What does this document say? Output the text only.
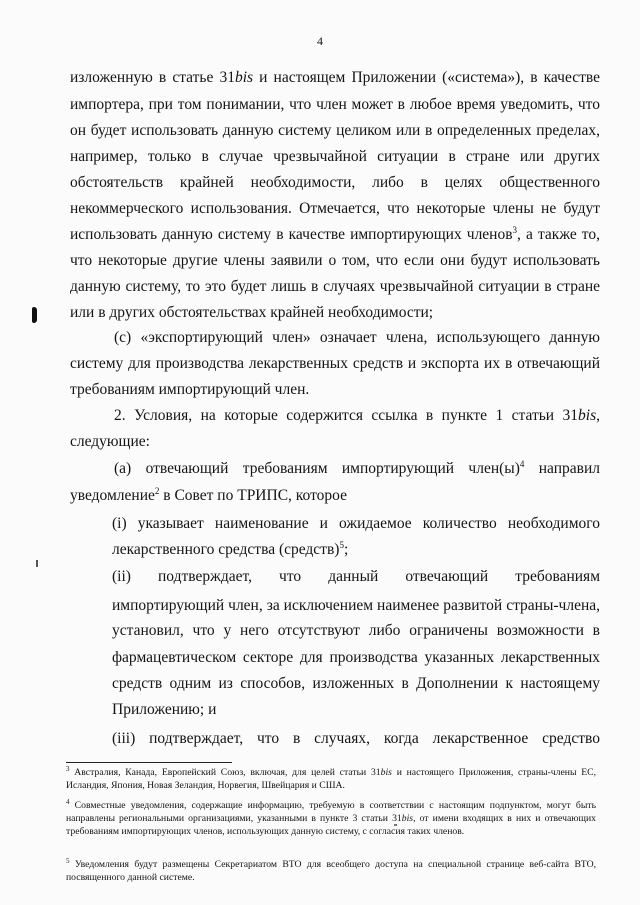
4
изложенную в статье 31bis и настоящем Приложении («система»), в качестве
импортера, при том понимании, что член может в любое время уведомить, что
он будет использовать данную систему целиком или в определенных пределах,
например, только в случае чрезвычайной ситуации в стране или других
обстоятельств крайней необходимости, либо в целях общественного
некоммерческого использования. Отмечается, что некоторые члены не будут
использовать данную систему в качестве импортирующих членов$^3$, а также то,
что некоторые другие члены заявили о том, что если они будут использовать
данную систему, то это будет лишь в случаях чрезвычайной ситуации в стране
или в других обстоятельствах крайней необходимости;
(c) «экспортирующий член» означает члена, использующего данную
систему для производства лекарственных средств и экспорта их в отвечающий
требованиям импортирующий член.
2. Условия, на которые содержится ссылка в пункте 1 статьи 31bis,
следующие:
(a) отвечающий требованиям импортирующий $член(ы)^4$ направил
уведомление$^2$ в Совет по ТРИПС, которое
(i) указывает наименование и ожидаемое количество необходимого
лекарственного средства (средств)$^5$;
(ii) подтверждает, что данный отвечающий требованиям
импортирующий член, за исключением наименее развитой страны-члена,
установил, что у него отсутствуют либо ограничены возможности в
фармацевтическом секторе для производства указанных лекарственных
средств одним из способов, изложенных в Дополнении к настоящему
Приложению; и
(iii) подтверждает, что в случаях, когда лекарственное средство
$^3$ Австралия, Канада, Европейский Союз, включая, для целей статьи 31bis и настоящего Приложения, страны-члены ЕС, Исландия, Япония, Новая Зеландия, Норвегия, Швейцария и США.
$^4$ Совместные уведомления, содержащие информацию, требуемую в соответствии с настоящим подпунктом, могут быть направлены региональными организациями, указанными в пункте 3 статьи 31bis, от имени входящих в них и отвечающих требованиям импортирующих членов, использующих данную систему, с согласия таких членов.
$^5$ Уведомления будут размещены Секретариатом ВТО для всеобщего доступа на специальной странице веб-сайта ВТО, посвященного данной системе.
